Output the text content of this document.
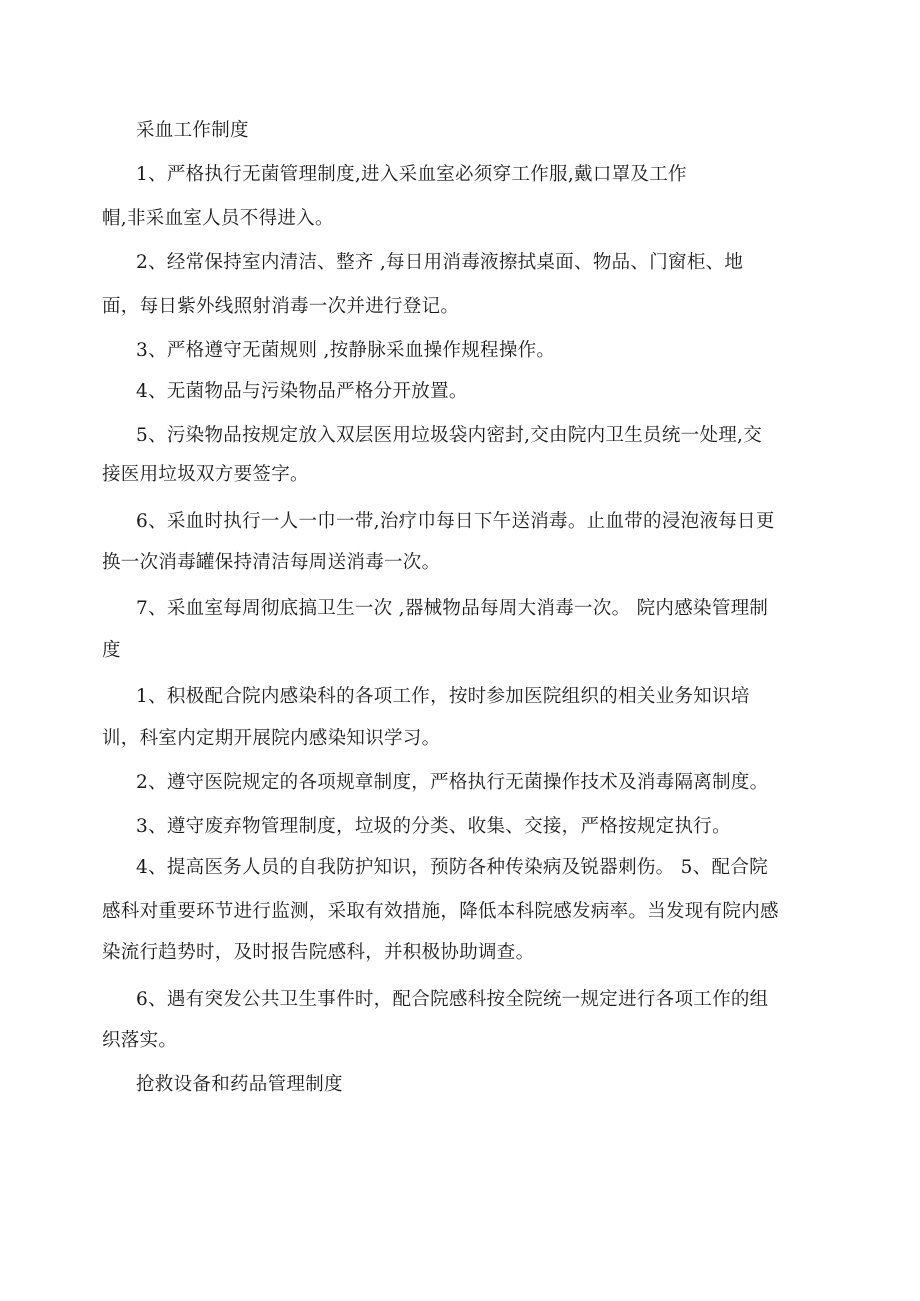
采血工作制度
1、严格执行无菌管理制度,进入采血室必须穿工作服,戴口罩及工作
帽,非采血室人员不得进入。
2、经常保持室内清洁、整齐 ,每日用消毒液擦拭桌面、物品、门窗柜、地
面，每日紫外线照射消毒一次并进行登记。
3、严格遵守无菌规则 ,按静脉采血操作规程操作。
4、无菌物品与污染物品严格分开放置。
5、污染物品按规定放入双层医用垃圾袋内密封,交由院内卫生员统一处理,交
接医用垃圾双方要签字。
6、采血时执行一人一巾一带,治疗巾每日下午送消毒。止血带的浸泡液每日更
换一次消毒罐保持清洁每周送消毒一次。
7、采血室每周彻底搞卫生一次 ,器械物品每周大消毒一次。 院内感染管理制
度
1、积极配合院内感染科的各项工作，按时参加医院组织的相关业务知识培
训，科室内定期开展院内感染知识学习。
2、遵守医院规定的各项规章制度，严格执行无菌操作技术及消毒隔离制度。
3、遵守废弃物管理制度，垃圾的分类、收集、交接，严格按规定执行。
4、提高医务人员的自我防护知识，预防各种传染病及锐器刺伤。 5、配合院
感科对重要环节进行监测，采取有效措施，降低本科院感发病率。当发现有院内感
染流行趋势时，及时报告院感科，并积极协助调查。
6、遇有突发公共卫生事件时，配合院感科按全院统一规定进行各项工作的组
织落实。
抢救设备和药品管理制度
